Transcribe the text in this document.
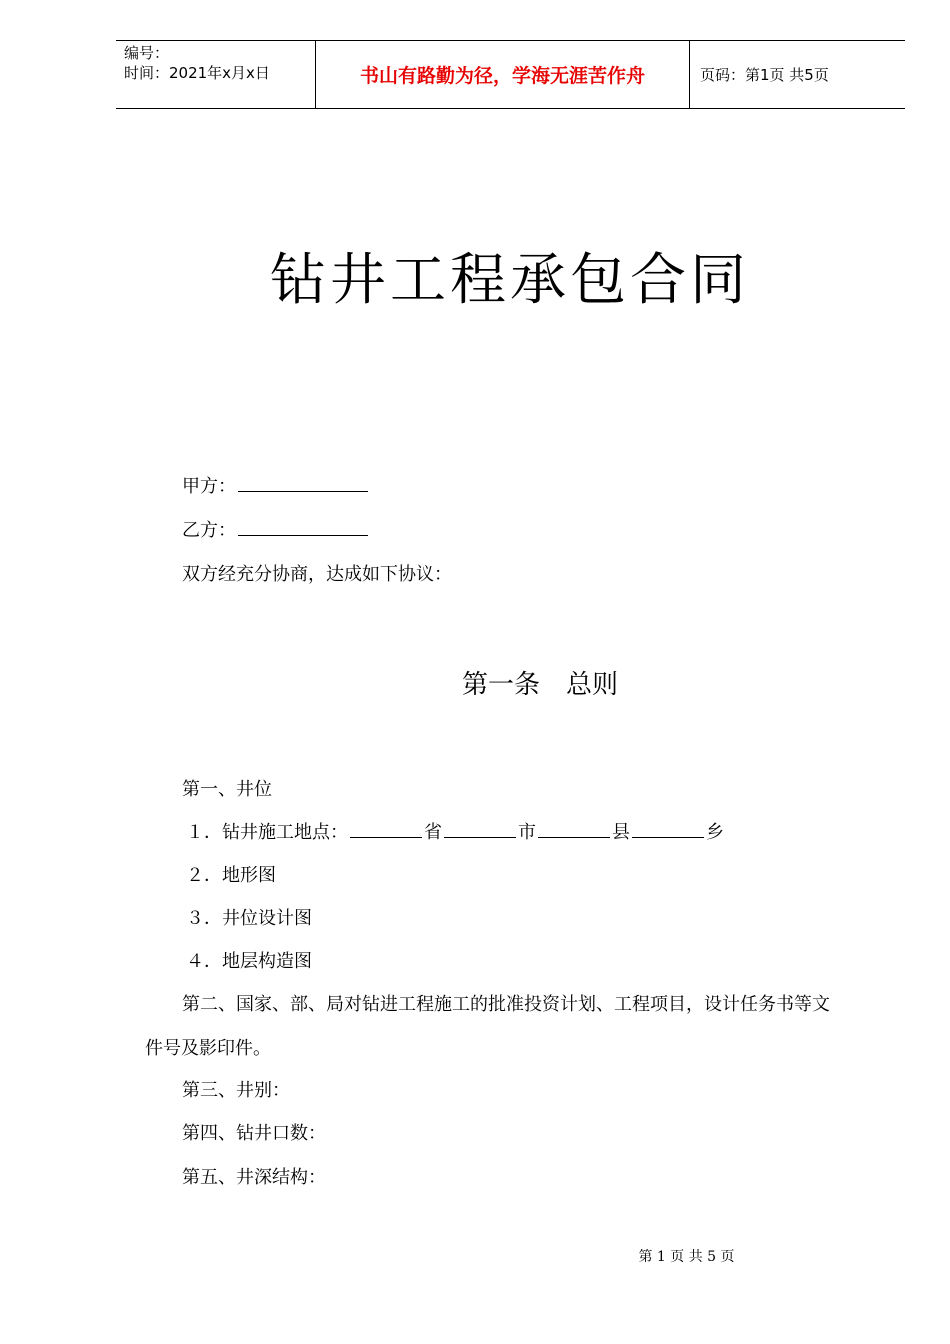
编号：
时间：2021年x月x日	书山有路勤为径，学海无涯苦作舟	页码：第1页 共5页
钻井工程承包合同
甲方：
乙方：
双方经充分协商，达成如下协议：
第一条　总则
第一、井位
１．钻井施工地点：	省	市	县	乡
２．地形图
３．井位设计图
４．地层构造图
第二、国家、部、局对钻进工程施工的批准投资计划、工程项目，设计任务书等文
件号及影印件。
第三、井别：
第四、钻井口数：
第五、井深结构：
第 1 页 共 5 页
